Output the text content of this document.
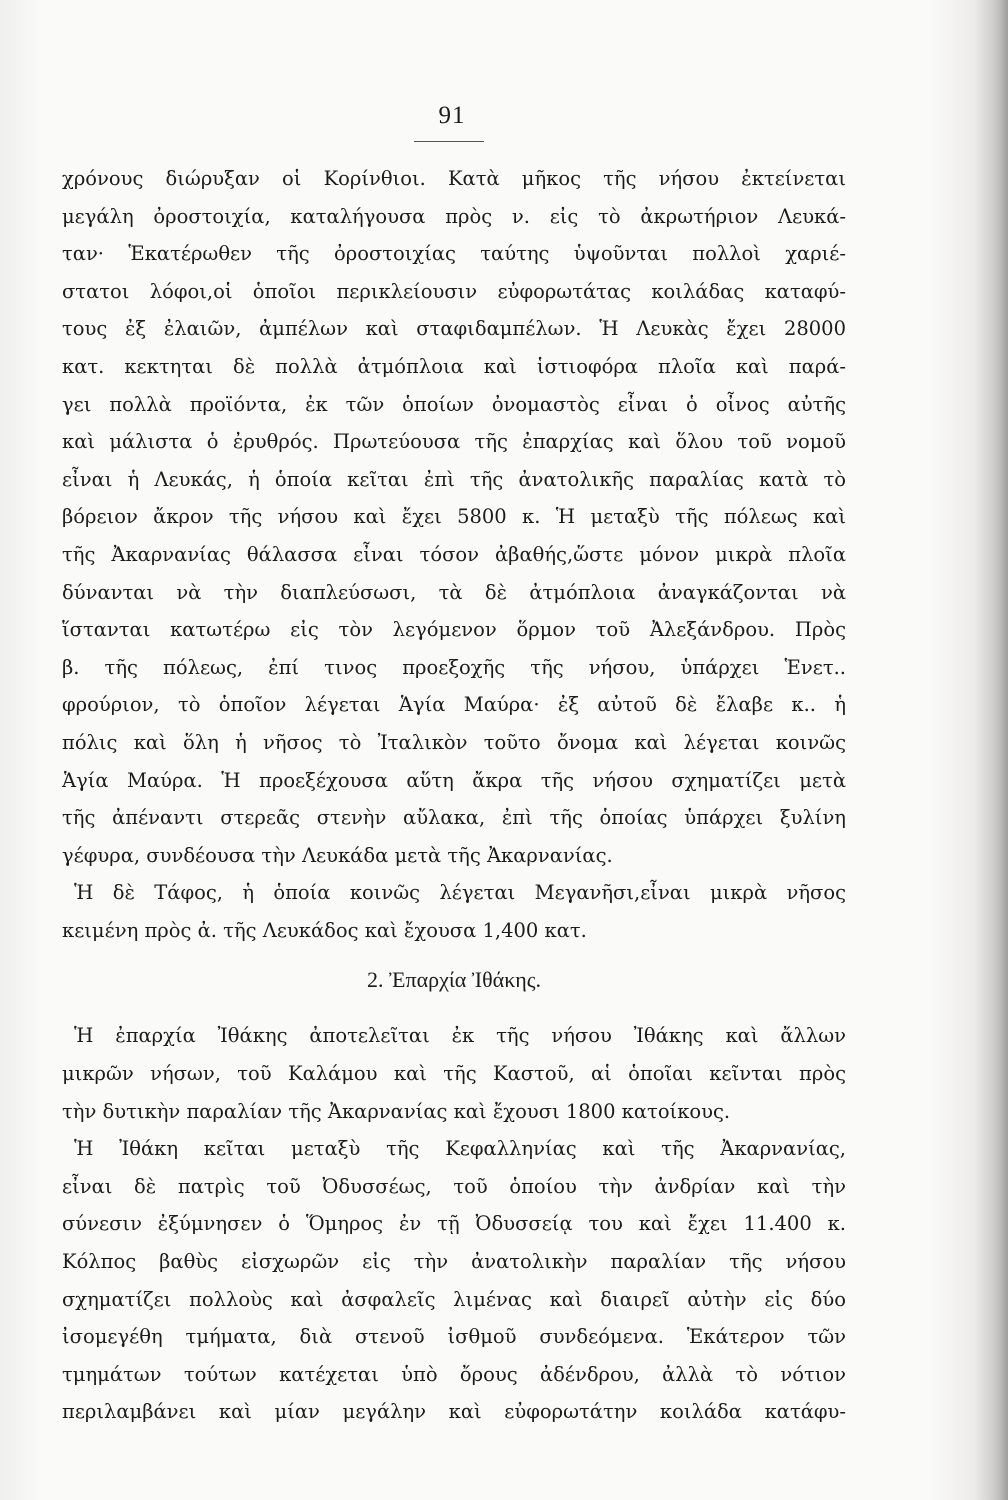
91

χρόνους διώρυξαν οἱ Κορίνθιοι. Κατὰ μῆκος τῆς νήσου ἐκτείνεται

μεγάλη ὀροστοιχία, καταλήγουσα πρὸς ν. εἰς τὸ ἀκρωτήριον Λευκά-

ταν· Ἑκατέρωθεν τῆς ὀροστοιχίας ταύτης ὑψοῦνται πολλοὶ χαριέ-

στατοι λόφοι,οἱ ὁποῖοι περικλείουσιν εὐφορωτάτας κοιλάδας καταφύ-

τους ἐξ ἐλαιῶν, ἀμπέλων καὶ σταφιδαμπέλων. Ἡ Λευκὰς ἔχει 28000

κατ. κεκτηται δὲ πολλὰ ἀτμόπλοια καὶ ἱστιοφόρα πλοῖα καὶ παρά-

γει πολλὰ προϊόντα, ἐκ τῶν ὁποίων ὀνομαστὸς εἶναι ὁ οἶνος αὐτῆς

καὶ μάλιστα ὁ ἐρυθρός. Πρωτεύουσα τῆς ἐπαρχίας καὶ ὅλου τοῦ νομοῦ

εἶναι ἡ Λευκάς, ἡ ὁποία κεῖται ἐπὶ τῆς ἀνατολικῆς παραλίας κατὰ τὸ

βόρειον ἄκρον τῆς νήσου καὶ ἔχει 5800 κ. Ἡ μεταξὺ τῆς πόλεως καὶ

τῆς Ἀκαρνανίας θάλασσα εἶναι τόσον ἀβαθής,ὥστε μόνον μικρὰ πλοῖα

δύνανται νὰ τὴν διαπλεύσωσι, τὰ δὲ ἀτμόπλοια ἀναγκάζονται νὰ

ἵστανται κατωτέρω εἰς τὸν λεγόμενον ὅρμον τοῦ Ἀλεξάνδρου. Πρὸς

β. τῆς πόλεως, ἐπί τινος προεξοχῆς τῆς νήσου, ὑπάρχει Ἑνετ..

φρούριον, τὸ ὁποῖον λέγεται Ἁγία Μαύρα· ἐξ αὐτοῦ δὲ ἔλαβε κ.. ἡ

πόλις καὶ ὅλη ἡ νῆσος τὸ Ἰταλικὸν τοῦτο ὄνομα καὶ λέγεται κοινῶς

Ἁγία Μαύρα. Ἡ προεξέχουσα αὕτη ἄκρα τῆς νήσου σχηματίζει μετὰ

τῆς ἀπέναντι στερεᾶς στενὴν αὔλακα, ἐπὶ τῆς ὁποίας ὑπάρχει ξυλίνη

γέφυρα, συνδέουσα τὴν Λευκάδα μετὰ τῆς Ἀκαρνανίας.

Ἡ δὲ Τάφος, ἡ ὁποία κοινῶς λέγεται Μεγανῆσι,εἶναι μικρὰ νῆσος

κειμένη πρὸς ἀ. τῆς Λευκάδος καὶ ἔχουσα 1,400 κατ.

2. Ἐπαρχία Ἰθάκης.

Ἡ ἐπαρχία Ἰθάκης ἀποτελεῖται ἐκ τῆς νήσου Ἰθάκης καὶ ἄλλων

μικρῶν νήσων, τοῦ Καλάμου καὶ τῆς Καστοῦ, αἱ ὁποῖαι κεῖνται πρὸς

τὴν δυτικὴν παραλίαν τῆς Ἀκαρνανίας καὶ ἔχουσι 1800 κατοίκους.

Ἡ Ἰθάκη κεῖται μεταξὺ τῆς Κεφαλληνίας καὶ τῆς Ἀκαρνανίας,

εἶναι δὲ πατρὶς τοῦ Ὀδυσσέως, τοῦ ὁποίου τὴν ἀνδρίαν καὶ τὴν

σύνεσιν ἐξύμνησεν ὁ Ὅμηρος ἐν τῇ Ὀδυσσείᾳ του καὶ ἔχει 11.400 κ.

Κόλπος βαθὺς εἰσχωρῶν εἰς τὴν ἀνατολικὴν παραλίαν τῆς νήσου

σχηματίζει πολλοὺς καὶ ἀσφαλεῖς λιμένας καὶ διαιρεῖ αὐτὴν εἰς δύο

ἰσομεγέθη τμήματα, διὰ στενοῦ ἰσθμοῦ συνδεόμενα. Ἑκάτερον τῶν

τμημάτων τούτων κατέχεται ὑπὸ ὄρους ἀδένδρου, ἀλλὰ τὸ νότιον

περιλαμβάνει καὶ μίαν μεγάλην καὶ εὐφορωτάτην κοιλάδα κατάφυ-
